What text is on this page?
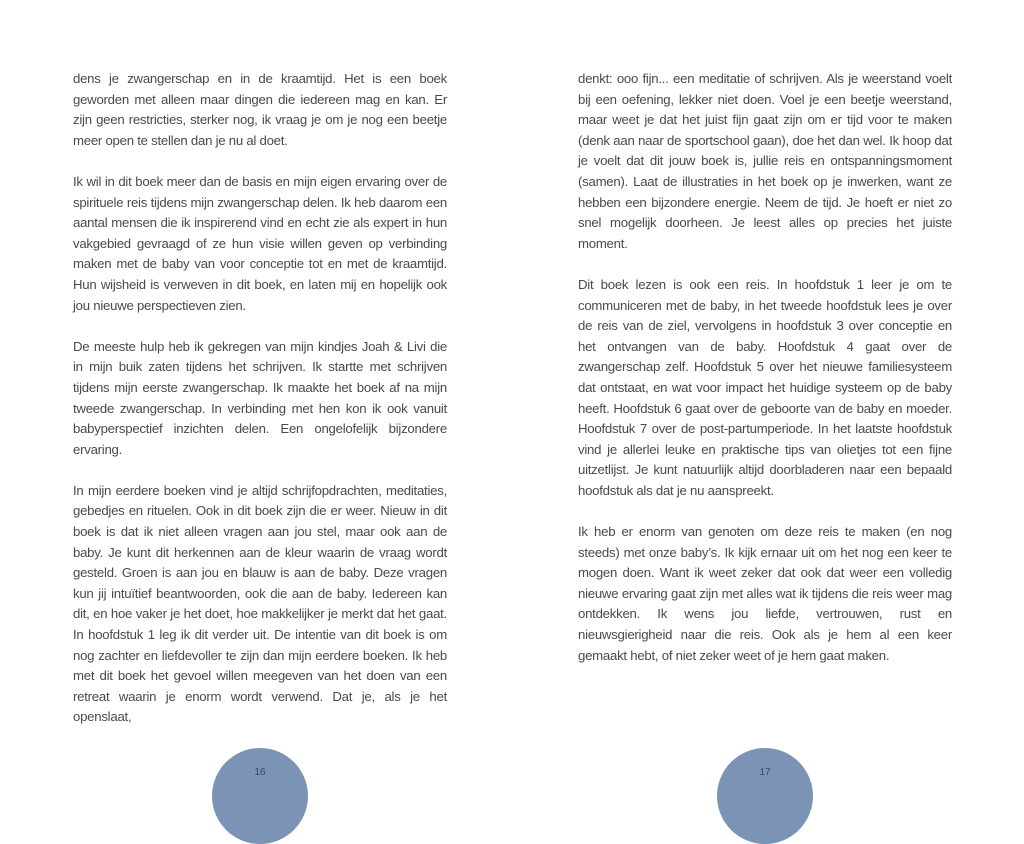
dens je zwangerschap en in de kraamtijd. Het is een boek geworden met alleen maar dingen die iedereen mag en kan. Er zijn geen restricties, sterker nog, ik vraag je om je nog een beetje meer open te stellen dan je nu al doet.

Ik wil in dit boek meer dan de basis en mijn eigen ervaring over de spirituele reis tijdens mijn zwangerschap delen. Ik heb daarom een aantal mensen die ik inspirerend vind en echt zie als expert in hun vakgebied gevraagd of ze hun visie willen geven op verbinding maken met de baby van voor conceptie tot en met de kraamtijd. Hun wijsheid is verweven in dit boek, en laten mij en hopelijk ook jou nieuwe perspectieven zien.

De meeste hulp heb ik gekregen van mijn kindjes Joah & Livi die in mijn buik zaten tijdens het schrijven. Ik startte met schrijven tijdens mijn eerste zwangerschap. Ik maakte het boek af na mijn tweede zwangerschap. In verbinding met hen kon ik ook vanuit babyperspectief inzichten delen. Een ongelofelijk bijzondere ervaring.

In mijn eerdere boeken vind je altijd schrijfopdrachten, meditaties, gebedjes en rituelen. Ook in dit boek zijn die er weer. Nieuw in dit boek is dat ik niet alleen vragen aan jou stel, maar ook aan de baby. Je kunt dit herkennen aan de kleur waarin de vraag wordt gesteld. Groen is aan jou en blauw is aan de baby. Deze vragen kun jij intuïtief beantwoorden, ook die aan de baby. Iedereen kan dit, en hoe vaker je het doet, hoe makkelijker je merkt dat het gaat. In hoofdstuk 1 leg ik dit verder uit. De intentie van dit boek is om nog zachter en liefdevoller te zijn dan mijn eerdere boeken. Ik heb met dit boek het gevoel willen meegeven van het doen van een retreat waarin je enorm wordt verwend. Dat je, als je het openslaat,

16

denkt: ooo fijn... een meditatie of schrijven. Als je weerstand voelt bij een oefening, lekker niet doen. Voel je een beetje weerstand, maar weet je dat het juist fijn gaat zijn om er tijd voor te maken (denk aan naar de sportschool gaan), doe het dan wel. Ik hoop dat je voelt dat dit jouw boek is, jullie reis en ontspanningsmoment (samen). Laat de illustraties in het boek op je inwerken, want ze hebben een bijzondere energie. Neem de tijd. Je hoeft er niet zo snel mogelijk doorheen. Je leest alles op precies het juiste moment.

Dit boek lezen is ook een reis. In hoofdstuk 1 leer je om te communiceren met de baby, in het tweede hoofdstuk lees je over de reis van de ziel, vervolgens in hoofdstuk 3 over conceptie en het ontvangen van de baby. Hoofdstuk 4 gaat over de zwangerschap zelf. Hoofdstuk 5 over het nieuwe familiesysteem dat ontstaat, en wat voor impact het huidige systeem op de baby heeft. Hoofdstuk 6 gaat over de geboorte van de baby en moeder. Hoofdstuk 7 over de post-partumperiode. In het laatste hoofdstuk vind je allerlei leuke en praktische tips van olietjes tot een fijne uitzetlijst. Je kunt natuurlijk altijd doorbladeren naar een bepaald hoofdstuk als dat je nu aanspreekt.

Ik heb er enorm van genoten om deze reis te maken (en nog steeds) met onze baby’s. Ik kijk ernaar uit om het nog een keer te mogen doen. Want ik weet zeker dat ook dat weer een volledig nieuwe ervaring gaat zijn met alles wat ik tijdens die reis weer mag ontdekken. Ik wens jou liefde, vertrouwen, rust en nieuwsgierigheid naar die reis. Ook als je hem al een keer gemaakt hebt, of niet zeker weet of je hem gaat maken.

17
